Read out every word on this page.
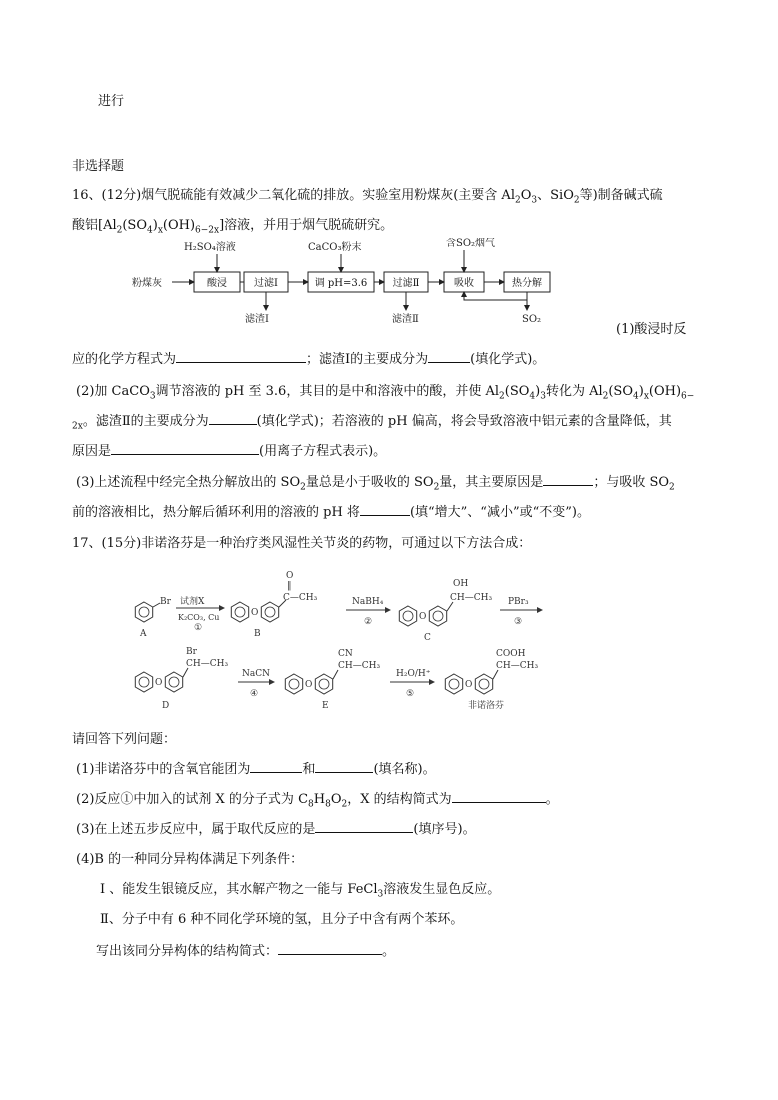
进行
非选择题
16、(12分)烟气脱硫能有效减少二氧化硫的排放。实验室用粉煤灰(主要含 $Al_2O_3$、SiO$_2$等)制备碱式硫
酸铝$[Al_2(SO_4)_x(OH)_{6-2x}]$溶液，并用于烟气脱硫研究。
H₂SO₄溶液	CaCO₃粉末	含SO₂烟气
粉煤灰
滤渣Ⅰ	滤渣Ⅱ	SO₂
酸浸	过滤Ⅰ	调 pH=3.6	过滤Ⅱ	吸收	热分解
(1)酸浸时反
应的化学方程式为	；滤渣Ⅰ的主要成分为	(填化学式)。
(2)加 CaCO$_3$调节溶液的 pH 至 3.6，其目的是中和溶液中的酸，并使 $Al_2(SO_4)_3$转化为 $Al_2(SO_4)_x(OH)_{6-}$
$_{2x}$。滤渣Ⅱ的主要成分为	(填化学式)；若溶液的 pH 偏高，将会导致溶液中铝元素的含量降低，其
原因是	(用离子方程式表示)。
(3)上述流程中经完全热分解放出的 $SO_2$量总是小于吸收的 $SO_2$量，其主要原因是	；与吸收 $SO_2$
前的溶液相比，热分解后循环利用的溶液的 pH 将	(填“增大”、“减小”或“不变”)。
17、(15分)非诺洛芬是一种治疗类风湿性关节炎的药物，可通过以下方法合成：
Br
A
试剂X
K₂CO₃, Cu
①
O
O
‖
C—CH₃
B
NaBH₄
②	O
OH
CH—CH₃
C
PBr₃
③
O
Br
CH—CH₃
D
NaCN
④
O
CN
CH—CH₃
E
H₂O/H⁺
⑤
O
COOH
CH—CH₃
非诺洛芬
请回答下列问题：
(1)非诺洛芬中的含氧官能团为	和	(填名称)。
(2)反应①中加入的试剂 X 的分子式为 $C_8H_8O_2$，X 的结构简式为	。
(3)在上述五步反应中，属于取代反应的是	(填序号)。
(4)B 的一种同分异构体满足下列条件：
Ⅰ 、能发生银镜反应，其水解产物之一能与 FeCl$_3$溶液发生显色反应。
Ⅱ、分子中有 6 种不同化学环境的氢，且分子中含有两个苯环。
写出该同分异构体的结构简式：	。
